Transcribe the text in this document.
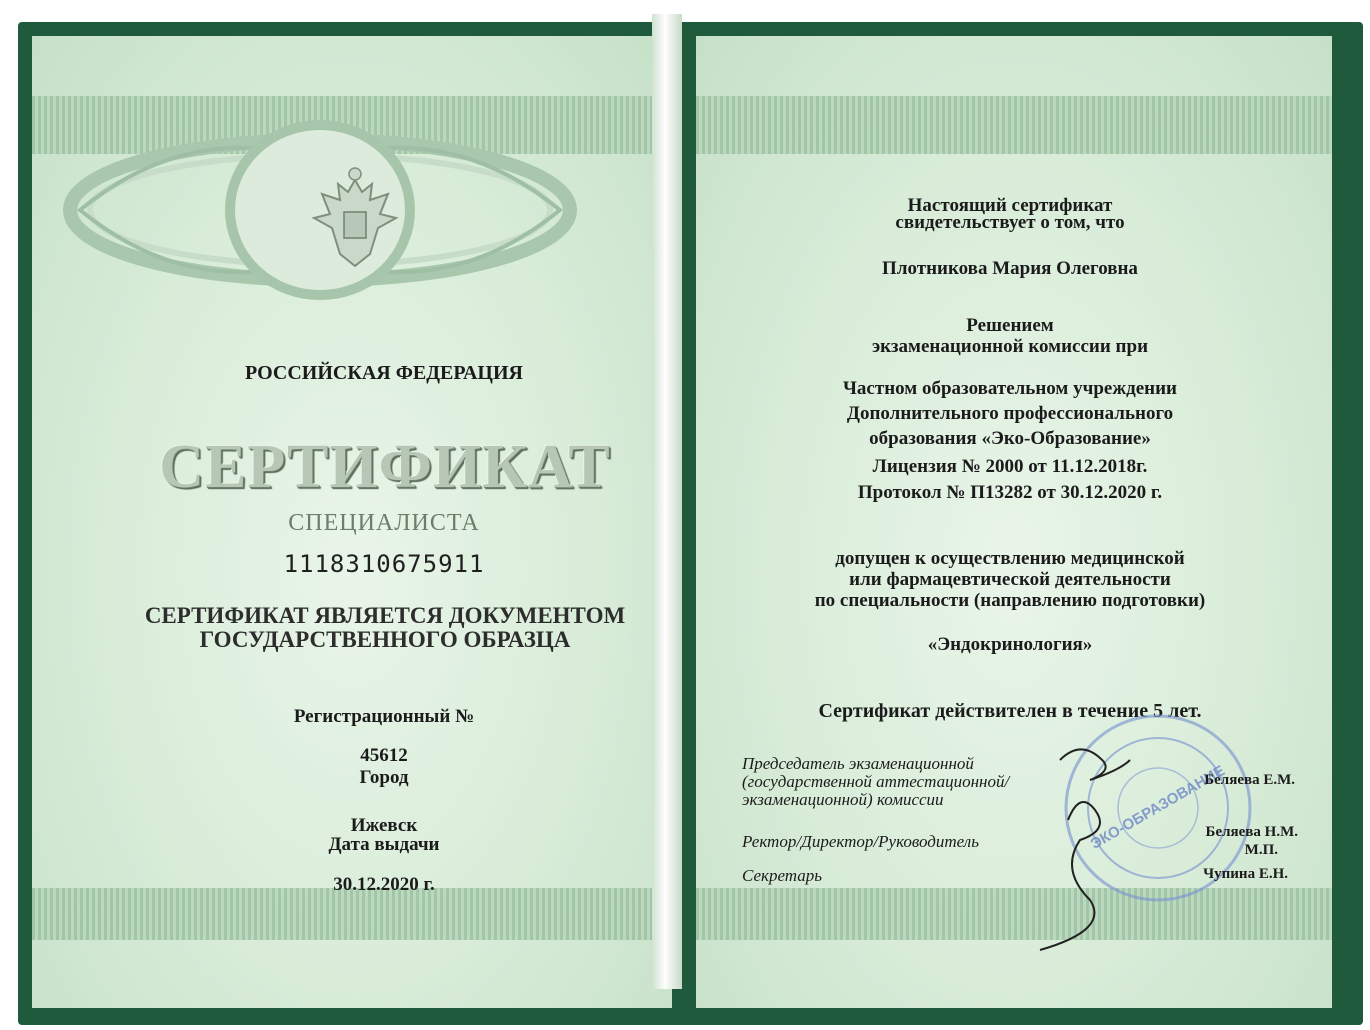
РОССИЙСКАЯ ФЕДЕРАЦИЯ
СЕРТИФИКАТ
СПЕЦИАЛИСТА
1118310675911
СЕРТИФИКАТ ЯВЛЯЕТСЯ ДОКУМЕНТОМ
ГОСУДАРСТВЕННОГО ОБРАЗЦА
Регистрационный №
45612
Город
Ижевск
Дата выдачи
30.12.2020 г.
Настоящий сертификат
свидетельствует о том, что
Плотникова Мария Олеговна
Решением
экзаменационной комиссии при
Частном образовательном учреждении
Дополнительного профессионального
образования «Эко-Образование»
Лицензия № 2000 от 11.12.2018г.
Протокол № П13282 от 30.12.2020 г.
допущен к осуществлению медицинской
или фармацевтической деятельности
по специальности (направлению подготовки)
«Эндокринология»
Сертификат действителен в течение 5 лет.
ЭКО-ОБРАЗОВАНИЕ
Председатель экзаменационной
(государственной аттестационной/
экзаменационной) комиссии
Ректор/Директор/Руководитель
Секретарь
Беляева Е.М.
Беляева Н.М.
М.П.
Чупина Е.Н.
